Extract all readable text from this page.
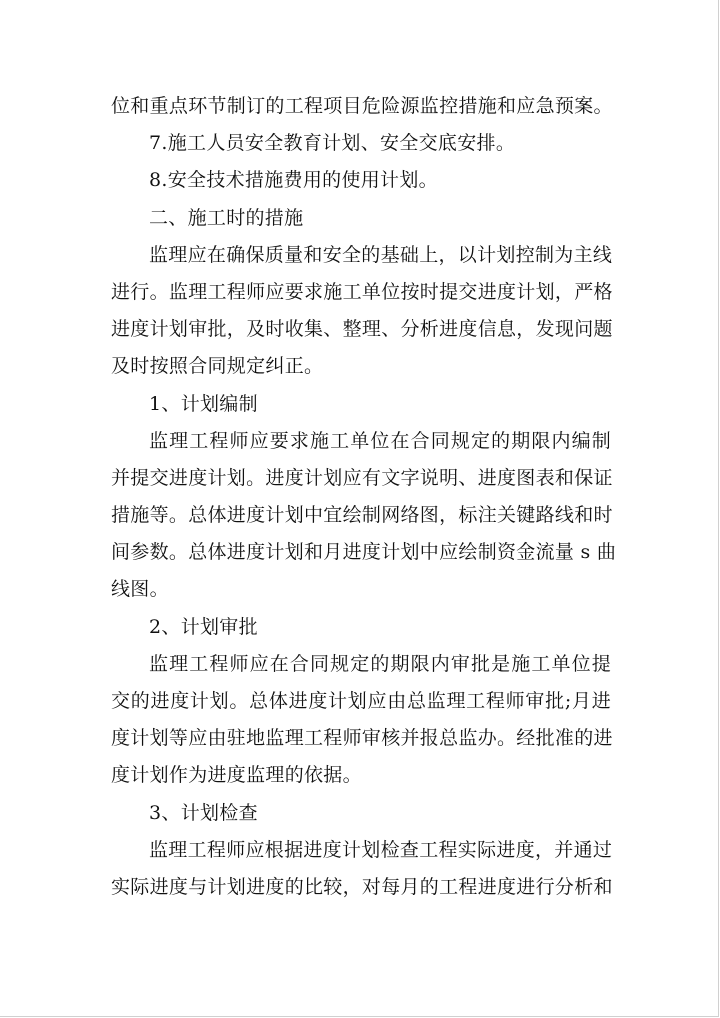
位和重点环节制订的工程项目危险源监控措施和应急预案。
7.施工人员安全教育计划、安全交底安排。
8.安全技术措施费用的使用计划。
二、施工时的措施
监理应在确保质量和安全的基础上，以计划控制为主线
进行。监理工程师应要求施工单位按时提交进度计划，严格
进度计划审批，及时收集、整理、分析进度信息，发现问题
及时按照合同规定纠正。
1、计划编制
监理工程师应要求施工单位在合同规定的期限内编制
并提交进度计划。进度计划应有文字说明、进度图表和保证
措施等。总体进度计划中宜绘制网络图，标注关键路线和时
间参数。总体进度计划和月进度计划中应绘制资金流量 s 曲
线图。
2、计划审批
监理工程师应在合同规定的期限内审批是施工单位提
交的进度计划。总体进度计划应由总监理工程师审批;月进
度计划等应由驻地监理工程师审核并报总监办。经批准的进
度计划作为进度监理的依据。
3、计划检查
监理工程师应根据进度计划检查工程实际进度，并通过
实际进度与计划进度的比较，对每月的工程进度进行分析和
